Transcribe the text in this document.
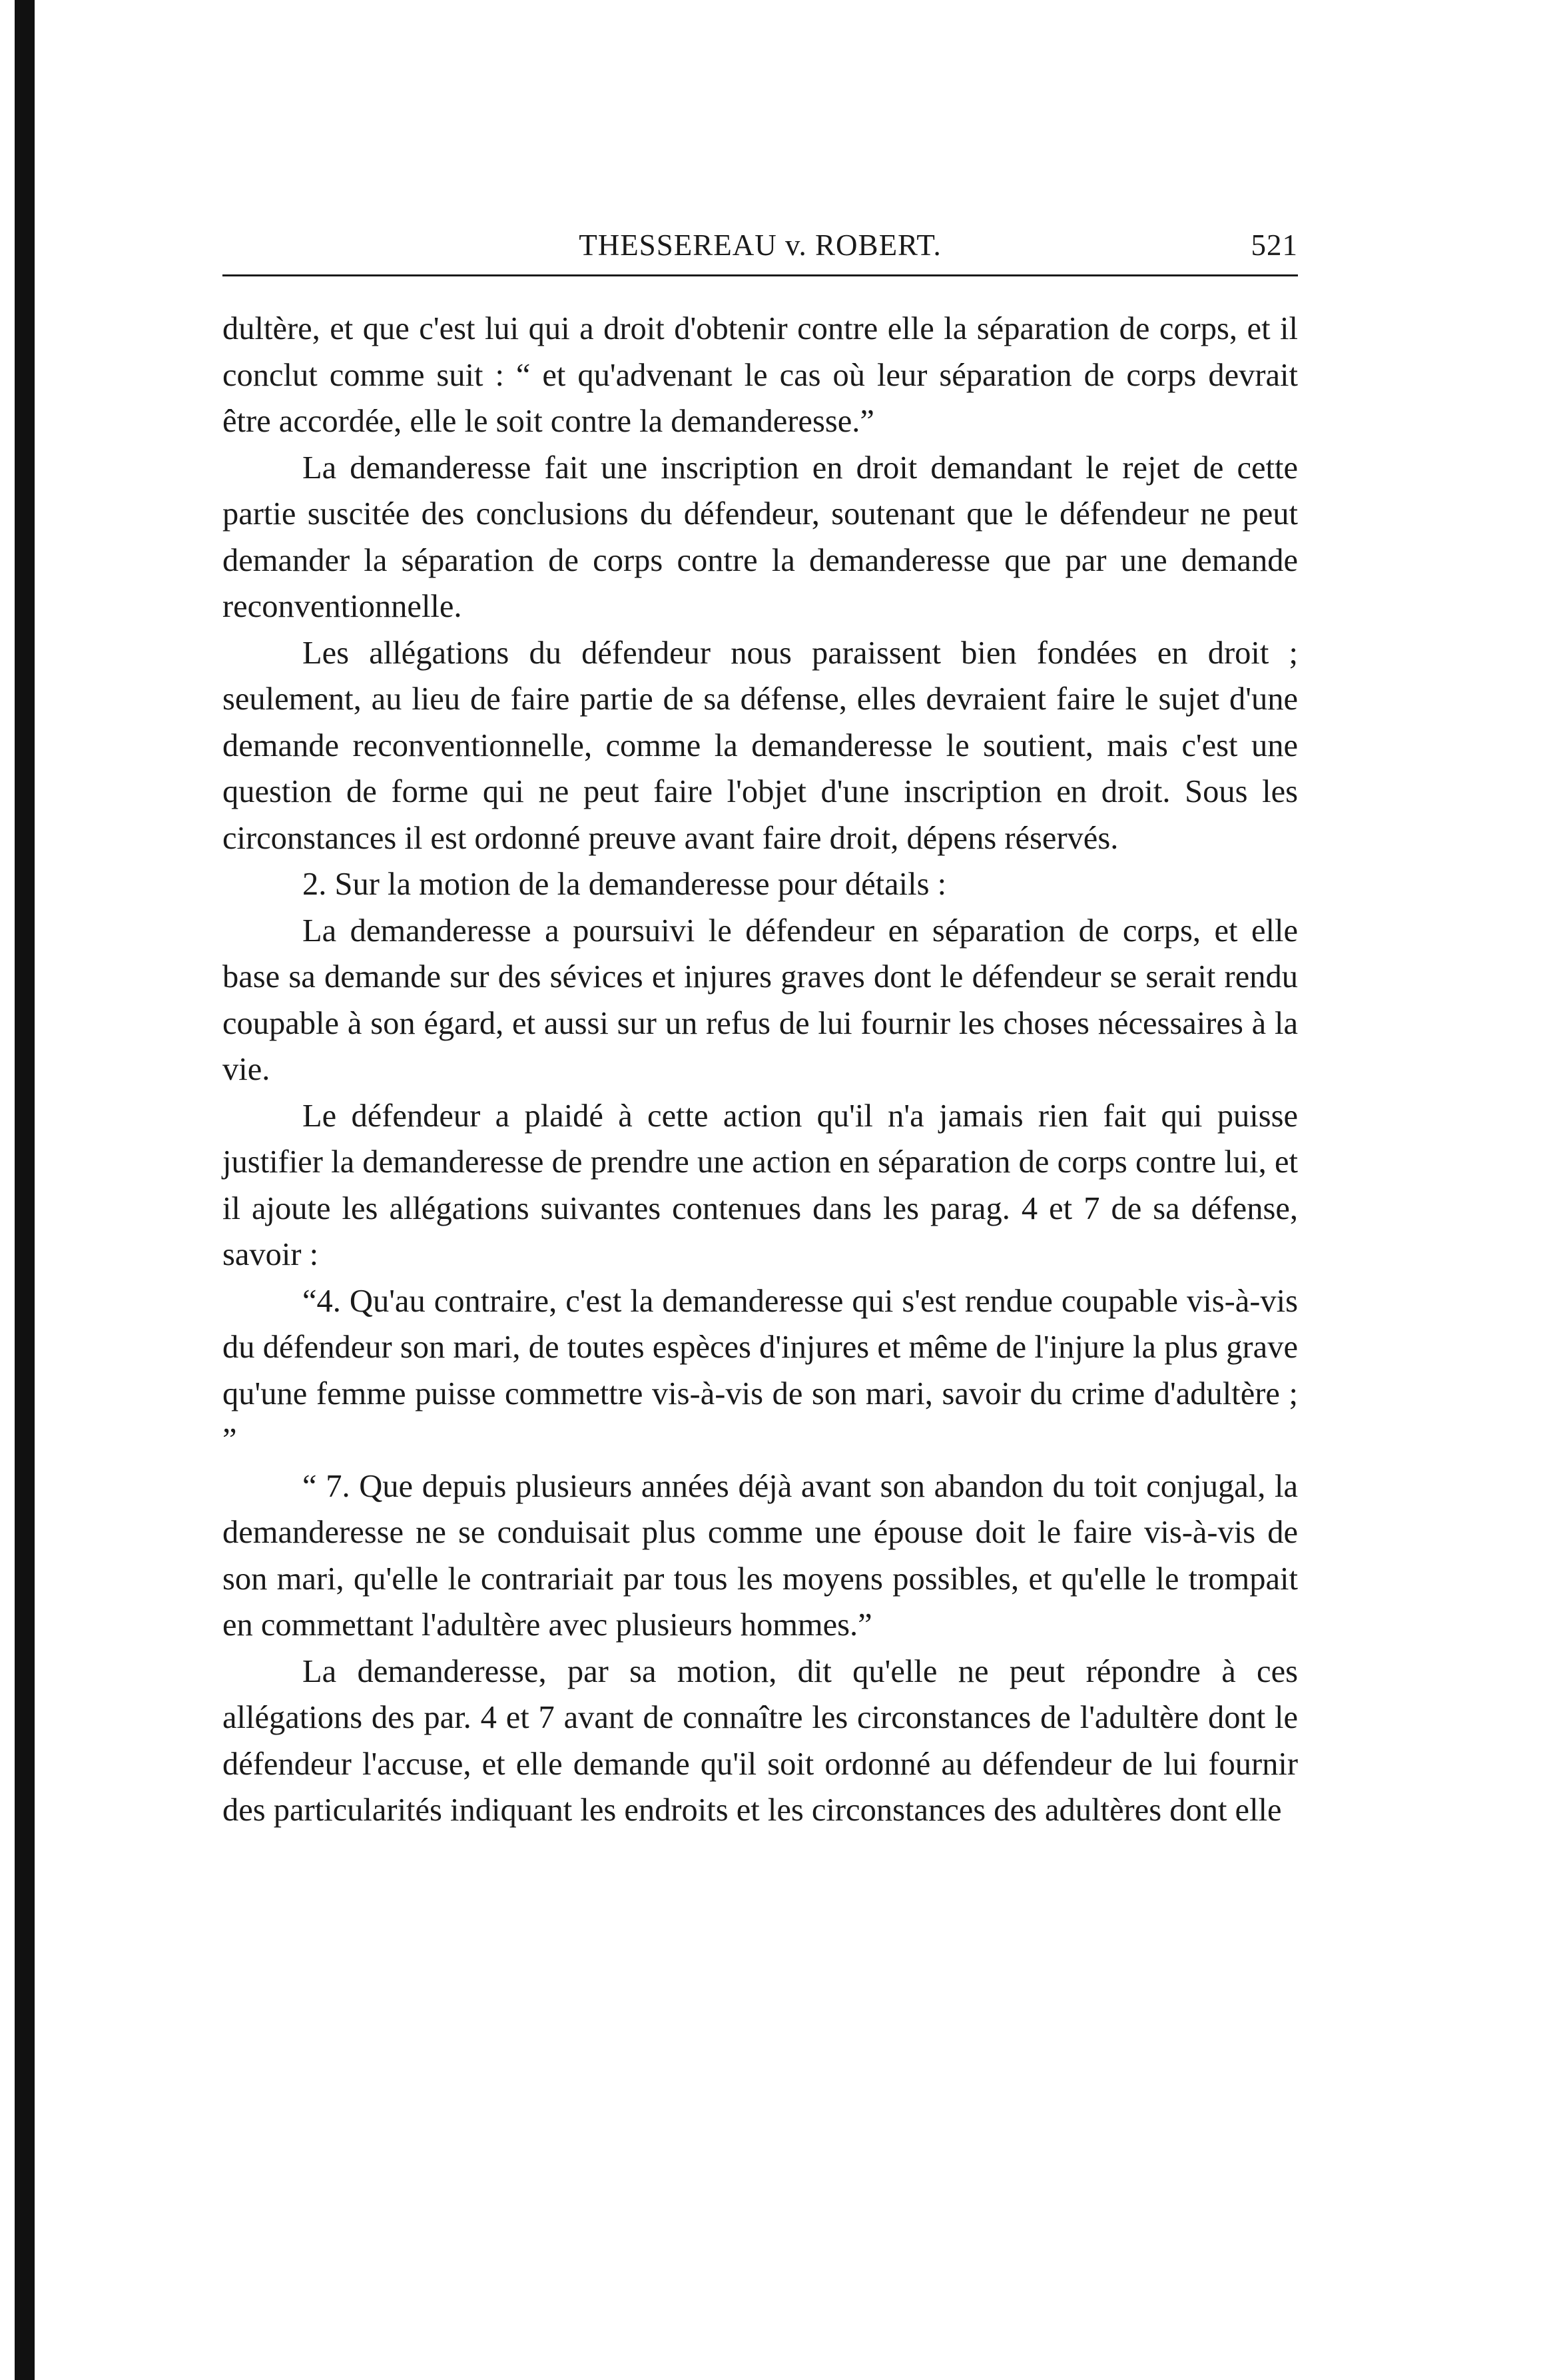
THESSEREAU v. ROBERT.	521

dultère, et que c'est lui qui a droit d'obtenir contre elle la séparation de corps, et il conclut comme suit : “ et qu'advenant le cas où leur séparation de corps devrait être accordée, elle le soit contre la demanderesse.”

La demanderesse fait une inscription en droit demandant le rejet de cette partie suscitée des conclusions du défendeur, soutenant que le défendeur ne peut demander la séparation de corps contre la demanderesse que par une demande reconventionnelle.

Les allégations du défendeur nous paraissent bien fondées en droit ; seulement, au lieu de faire partie de sa défense, elles devraient faire le sujet d'une demande reconventionnelle, comme la demanderesse le soutient, mais c'est une question de forme qui ne peut faire l'objet d'une inscription en droit. Sous les circonstances il est ordonné preuve avant faire droit, dépens réservés.

2. Sur la motion de la demanderesse pour détails :

La demanderesse a poursuivi le défendeur en séparation de corps, et elle base sa demande sur des sévices et injures graves dont le défendeur se serait rendu coupable à son égard, et aussi sur un refus de lui fournir les choses nécessaires à la vie.

Le défendeur a plaidé à cette action qu'il n'a jamais rien fait qui puisse justifier la demanderesse de prendre une action en séparation de corps contre lui, et il ajoute les allégations suivantes contenues dans les parag. 4 et 7 de sa défense, savoir :

“4. Qu'au contraire, c'est la demanderesse qui s'est rendue coupable vis-à-vis du défendeur son mari, de toutes espèces d'injures et même de l'injure la plus grave qu'une femme puisse commettre vis-à-vis de son mari, savoir du crime d'adultère ; ”

“ 7. Que depuis plusieurs années déjà avant son abandon du toit conjugal, la demanderesse ne se conduisait plus comme une épouse doit le faire vis-à-vis de son mari, qu'elle le contrariait par tous les moyens possibles, et qu'elle le trompait en commettant l'adultère avec plusieurs hommes.”

La demanderesse, par sa motion, dit qu'elle ne peut répondre à ces allégations des par. 4 et 7 avant de connaître les circonstances de l'adultère dont le défendeur l'accuse, et elle demande qu'il soit ordonné au défendeur de lui fournir des particularités indiquant les endroits et les circonstances des adultères dont elle
